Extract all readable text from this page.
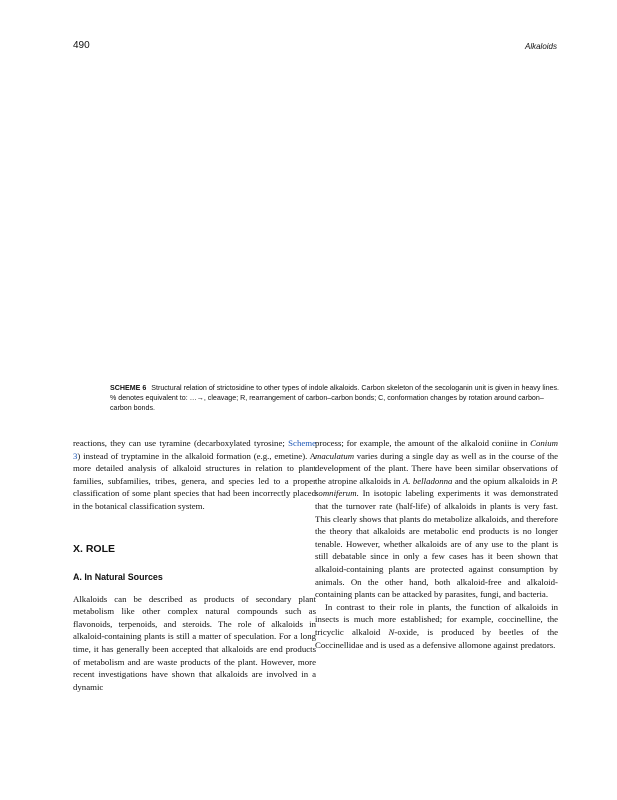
490	Alkaloids
SCHEME 6 Structural relation of strictosidine to other types of indole alkaloids. Carbon skeleton of the secologanin unit is given in heavy lines. % denotes equivalent to: …→, cleavage; R, rearrangement of carbon–carbon bonds; C, conformation changes by rotation around carbon–carbon bonds.

reactions, they can use tyramine (decarboxylated tyrosine; Scheme 3) instead of tryptamine in the alkaloid formation (e.g., emetine). A more detailed analysis of alkaloid structures in relation to plant families, subfamilies, tribes, genera, and species led to a proper classification of some plant species that had been incorrectly placed in the botanical classification system.

X. ROLE
A. In Natural Sources

Alkaloids can be described as products of secondary plant metabolism like other complex natural compounds such as flavonoids, terpenoids, and steroids. The role of alkaloids in alkaloid-containing plants is still a matter of speculation. For a long time, it has generally been accepted that alkaloids are end products of metabolism and are waste products of the plant. However, more recent investigations have shown that alkaloids are involved in a dynamic

process; for example, the amount of the alkaloid coniine in Conium maculatum varies during a single day as well as in the course of the development of the plant. There have been similar observations of the atropine alkaloids in A. belladonna and the opium alkaloids in P. somniferum. In isotopic labeling experiments it was demonstrated that the turnover rate (half-life) of alkaloids in plants is very fast. This clearly shows that plants do metabolize alkaloids, and therefore the theory that alkaloids are metabolic end products is no longer tenable. However, whether alkaloids are of any use to the plant is still debatable since in only a few cases has it been shown that alkaloid-containing plants are protected against consumption by animals. On the other hand, both alkaloid-free and alkaloid-containing plants can be attacked by parasites, fungi, and bacteria.

In contrast to their role in plants, the function of alkaloids in insects is much more established; for example, coccinelline, the tricyclic alkaloid N-oxide, is produced by beetles of the Coccinellidae and is used as a defensive allomone against predators.
